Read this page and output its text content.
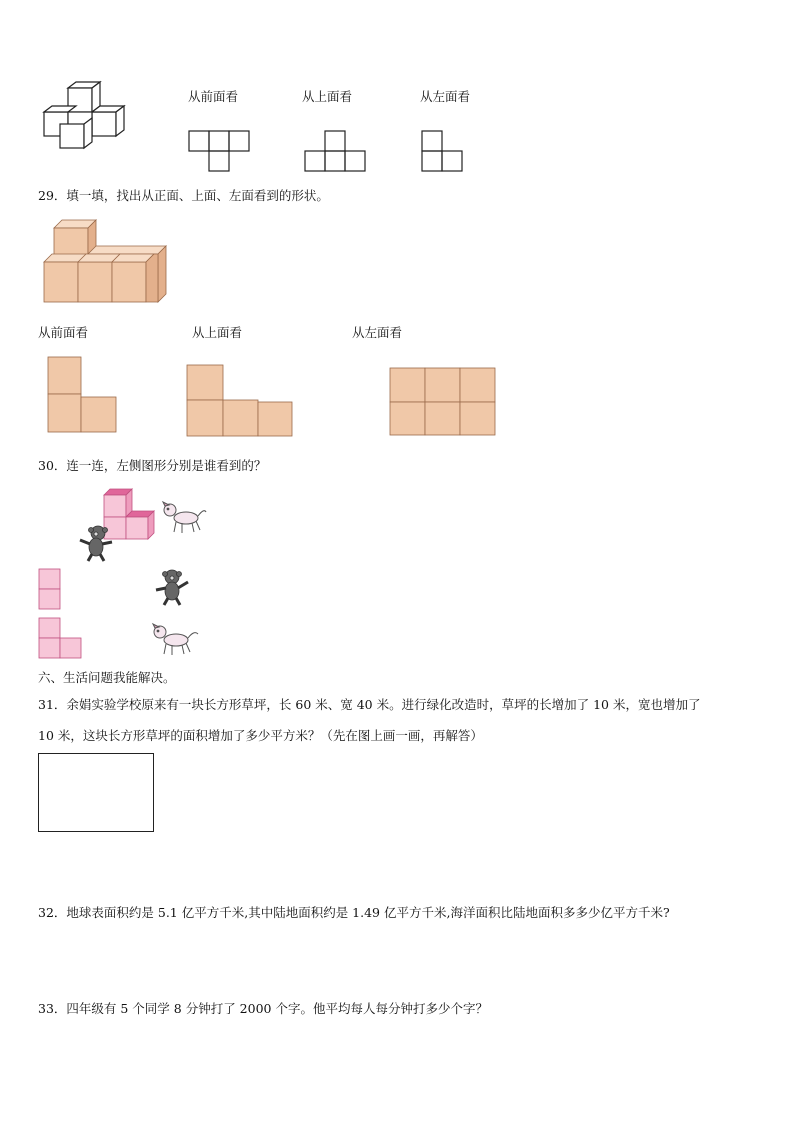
从前面看	从上面看	从左面看
29．填一填，找出从正面、上面、左面看到的形状。
从前面看	从上面看	从左面看
30．连一连，左侧图形分别是谁看到的？
六、生活问题我能解决。
31．余娟实验学校原来有一块长方形草坪，长 60 米、宽 40 米。进行绿化改造时，草坪的长增加了 10 米，宽也增加了
10 米，这块长方形草坪的面积增加了多少平方米？（先在图上画一画，再解答）
32．地球表面积约是 5.1 亿平方千米,其中陆地面积约是 1.49 亿平方千米,海洋面积比陆地面积多多少亿平方千米?
33．四年级有 5 个同学 8 分钟打了 2000 个字。他平均每人每分钟打多少个字？
